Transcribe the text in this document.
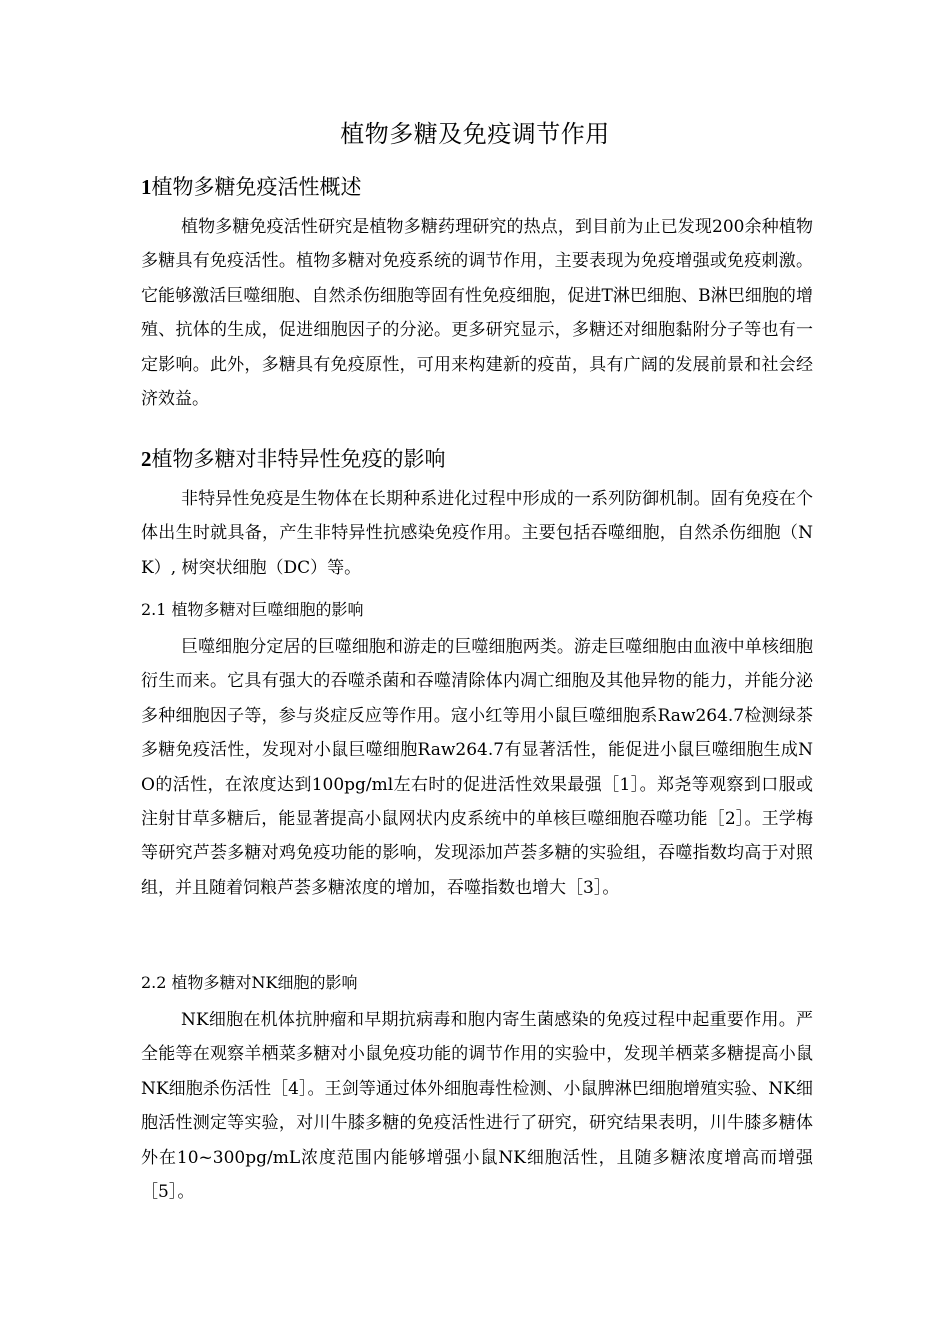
植物多糖及免疫调节作用
1植物多糖免疫活性概述
植物多糖免疫活性研究是植物多糖药理研究的热点，到目前为止已发现200余种植物多糖具有免疫活性。植物多糖对免疫系统的调节作用，主要表现为免疫增强或免疫刺激。它能够激活巨噬细胞、自然杀伤细胞等固有性免疫细胞，促进T淋巴细胞、B淋巴细胞的增殖、抗体的生成，促进细胞因子的分泌。更多研究显示，多糖还对细胞黏附分子等也有一定影响。此外，多糖具有免疫原性，可用来构建新的疫苗，具有广阔的发展前景和社会经济效益。
2植物多糖对非特异性免疫的影响
非特异性免疫是生物体在长期种系进化过程中形成的一系列防御机制。固有免疫在个体出生时就具备，产生非特异性抗感染免疫作用。主要包括吞噬细胞，自然杀伤细胞（NK）, 树突状细胞（DC）等。
2.1 植物多糖对巨噬细胞的影响
巨噬细胞分定居的巨噬细胞和游走的巨噬细胞两类。游走巨噬细胞由血液中单核细胞衍生而来。它具有强大的吞噬杀菌和吞噬清除体内凋亡细胞及其他异物的能力，并能分泌多种细胞因子等，参与炎症反应等作用。寇小红等用小鼠巨噬细胞系Raw264.7检测绿茶多糖免疫活性，发现对小鼠巨噬细胞Raw264.7有显著活性，能促进小鼠巨噬细胞生成NO的活性，在浓度达到100pg/ml左右时的促进活性效果最强［1］。郑尧等观察到口服或注射甘草多糖后，能显著提高小鼠网状内皮系统中的单核巨噬细胞吞噬功能［2］。王学梅等研究芦荟多糖对鸡免疫功能的影响，发现添加芦荟多糖的实验组，吞噬指数均高于对照组，并且随着饲粮芦荟多糖浓度的增加，吞噬指数也增大［3］。
2.2 植物多糖对NK细胞的影响
NK细胞在机体抗肿瘤和早期抗病毒和胞内寄生菌感染的免疫过程中起重要作用。严全能等在观察羊栖菜多糖对小鼠免疫功能的调节作用的实验中，发现羊栖菜多糖提高小鼠NK细胞杀伤活性［4］。王剑等通过体外细胞毒性检测、小鼠脾淋巴细胞增殖实验、NK细胞活性测定等实验，对川牛膝多糖的免疫活性进行了研究，研究结果表明，川牛膝多糖体外在10~300pg/mL浓度范围内能够增强小鼠NK细胞活性，且随多糖浓度增高而增强［5］。
